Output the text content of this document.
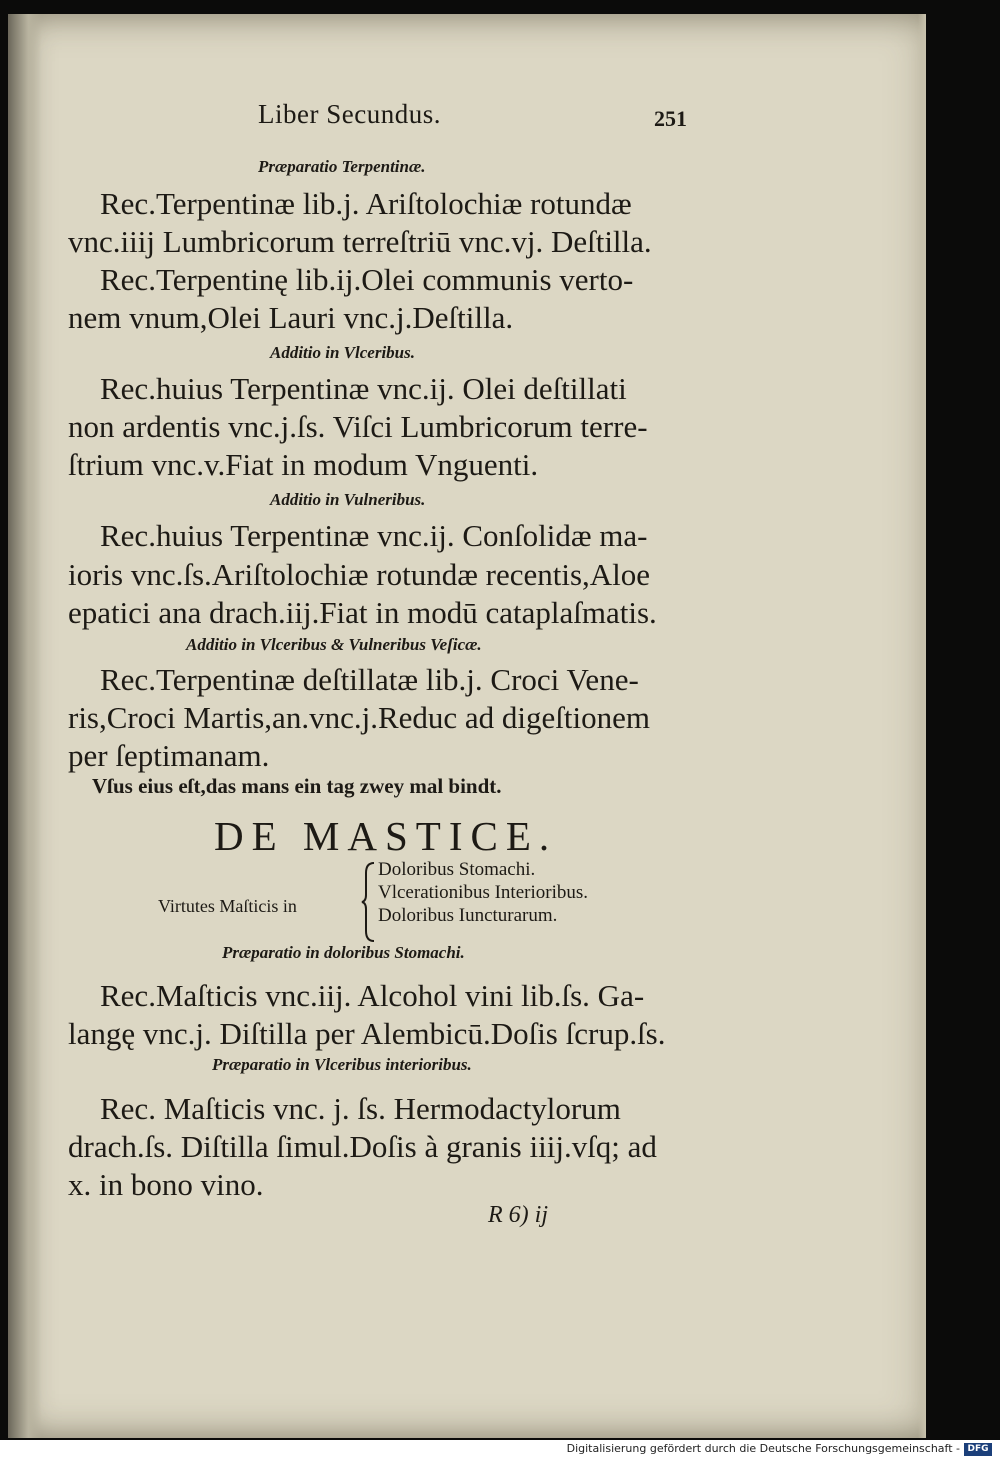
Liber Secundus.	251
Præparatio Terpentinæ.
Rec.Terpentinæ lib.j. Ariſtolochiæ rotundæ
vnc.iiij Lumbricorum terreſtriū vnc.vj. Deſtilla.
Rec.Terpentinę lib.ij.Olei communis verto-
nem vnum,Olei Lauri vnc.j.Deſtilla.
Additio in Vlceribus.
Rec.huius Terpentinæ vnc.ij. Olei deſtillati
non ardentis vnc.j.ſs. Viſci Lumbricorum terre-
ſtrium vnc.v.Fiat in modum Vnguenti.
Additio in Vulneribus.
Rec.huius Terpentinæ vnc.ij. Conſolidæ ma-
ioris vnc.ſs.Ariſtolochiæ rotundæ recentis,Aloe
epatici ana drach.iij.Fiat in modū cataplaſmatis.
Additio in Vlceribus & Vulneribus Veſicæ.
Rec.Terpentinæ deſtillatæ lib.j. Croci Vene-
ris,Croci Martis,an.vnc.j.Reduc ad digeſtionem
per ſeptimanam.
Vſus eius eſt,das mans ein tag zwey mal bindt.
DE MASTICE.
Virtutes Maſticis in
Doloribus Stomachi.
Vlcerationibus Interioribus.
Doloribus Iuncturarum.
Præparatio in doloribus Stomachi.
Rec.Maſticis vnc.iij. Alcohol vini lib.ſs. Ga-
langę vnc.j. Diſtilla per Alembicū.Doſis ſcrup.ſs.
Præparatio in Vlceribus interioribus.
Rec. Maſticis vnc. j. ſs. Hermodactylorum
drach.ſs. Diſtilla ſimul.Doſis à granis iiij.vſq; ad
x. in bono vino.
R 6) ij
Digitalisierung gefördert durch die Deutsche Forschungsgemeinschaft - DFG
